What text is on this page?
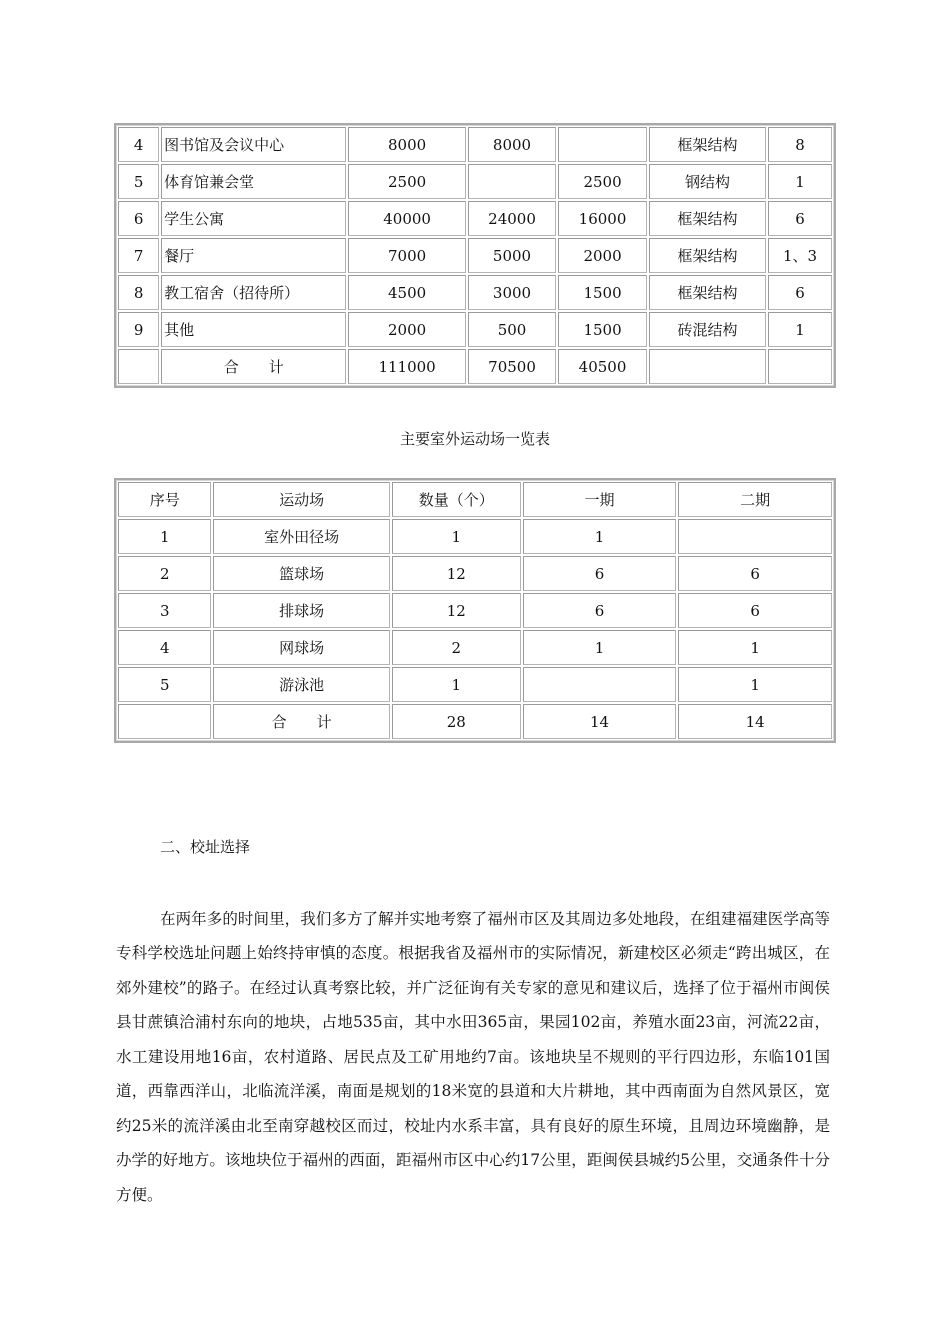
4	图书馆及会议中心	8000	8000		框架结构	8
5	体育馆兼会堂	2500		2500	钢结构	1
6	学生公寓	40000	24000	16000	框架结构	6
7	餐厅	7000	5000	2000	框架结构	1、3
8	教工宿舍（招待所）	4500	3000	1500	框架结构	6
9	其他	2000	500	1500	砖混结构	1
	合　　计	111000	70500	40500		
主要室外运动场一览表
序号	运动场	数量（个）	一期	二期
1	室外田径场	1	1	
2	篮球场	12	6	6
3	排球场	12	6	6
4	网球场	2	1	1
5	游泳池	1		1
	合　　计	28	14	14
二、校址选择

在两年多的时间里，我们多方了解并实地考察了福州市区及其周边多处地段，在组建福建医学高等专科学校选址问题上始终持审慎的态度。根据我省及福州市的实际情况，新建校区必须走“跨出城区，在郊外建校”的路子。在经过认真考察比较，并广泛征询有关专家的意见和建议后，选择了位于福州市闽侯县甘蔗镇洽浦村东向的地块，占地535亩，其中水田365亩，果园102亩，养殖水面23亩，河流22亩，水工建设用地16亩，农村道路、居民点及工矿用地约7亩。该地块呈不规则的平行四边形，东临101国道，西靠西洋山，北临流洋溪，南面是规划的18米宽的县道和大片耕地，其中西南面为自然风景区，宽约25米的流洋溪由北至南穿越校区而过，校址内水系丰富，具有良好的原生环境，且周边环境幽静，是办学的好地方。该地块位于福州的西面，距福州市区中心约17公里，距闽侯县城约5公里，交通条件十分方便。
